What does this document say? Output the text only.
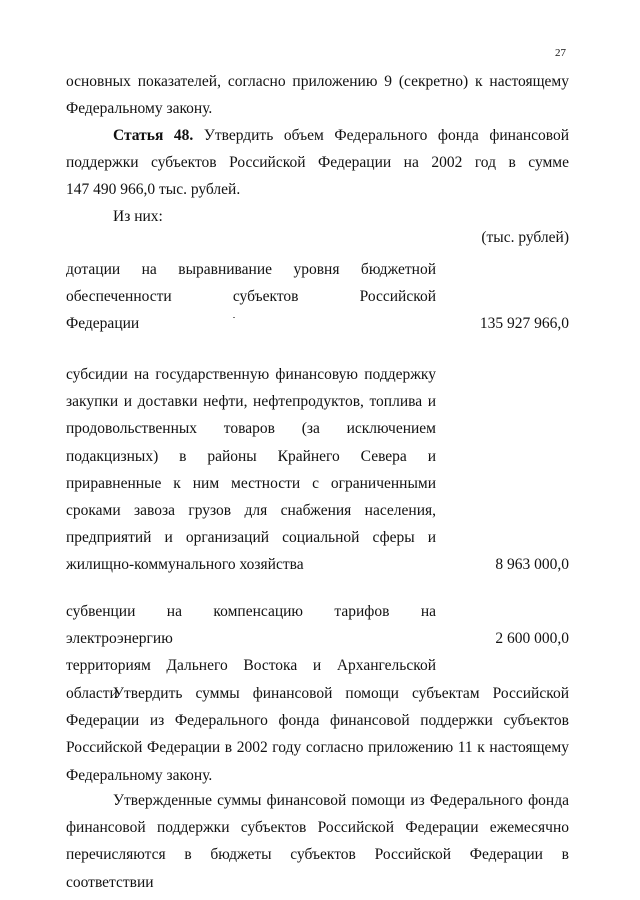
27
основных показателей, согласно приложению 9 (секретно) к настоящему
Федеральному закону.
Статья 48. Утвердить объем Федерального фонда финансовой
поддержки субъектов Российской Федерации на 2002 год в сумме
147 490 966,0 тыс. рублей.
Из них:
(тыс. рублей)
дотации на выравнивание уровня бюджетной
обеспеченности субъектов Российской
Федерации	135 927 966,0
субсидии на государственную финансовую поддержку
закупки и доставки нефти, нефтепродуктов, топлива и
продовольственных товаров (за исключением
подакцизных) в районы Крайнего Севера и
приравненные к ним местности с ограниченными
сроками завоза грузов для снабжения населения,
предприятий и организаций социальной сферы и
жилищно-коммунального хозяйства	8 963 000,0
субвенции на компенсацию тарифов на электроэнергию
территориям Дальнего Востока и Архангельской области
2 600 000,0
Утвердить суммы финансовой помощи субъектам Российской
Федерации из Федерального фонда финансовой поддержки субъектов
Российской Федерации в 2002 году согласно приложению 11 к настоящему
Федеральному закону.
Утвержденные суммы финансовой помощи из Федерального фонда
финансовой поддержки субъектов Российской Федерации ежемесячно
перечисляются в бюджеты субъектов Российской Федерации в соответствии
